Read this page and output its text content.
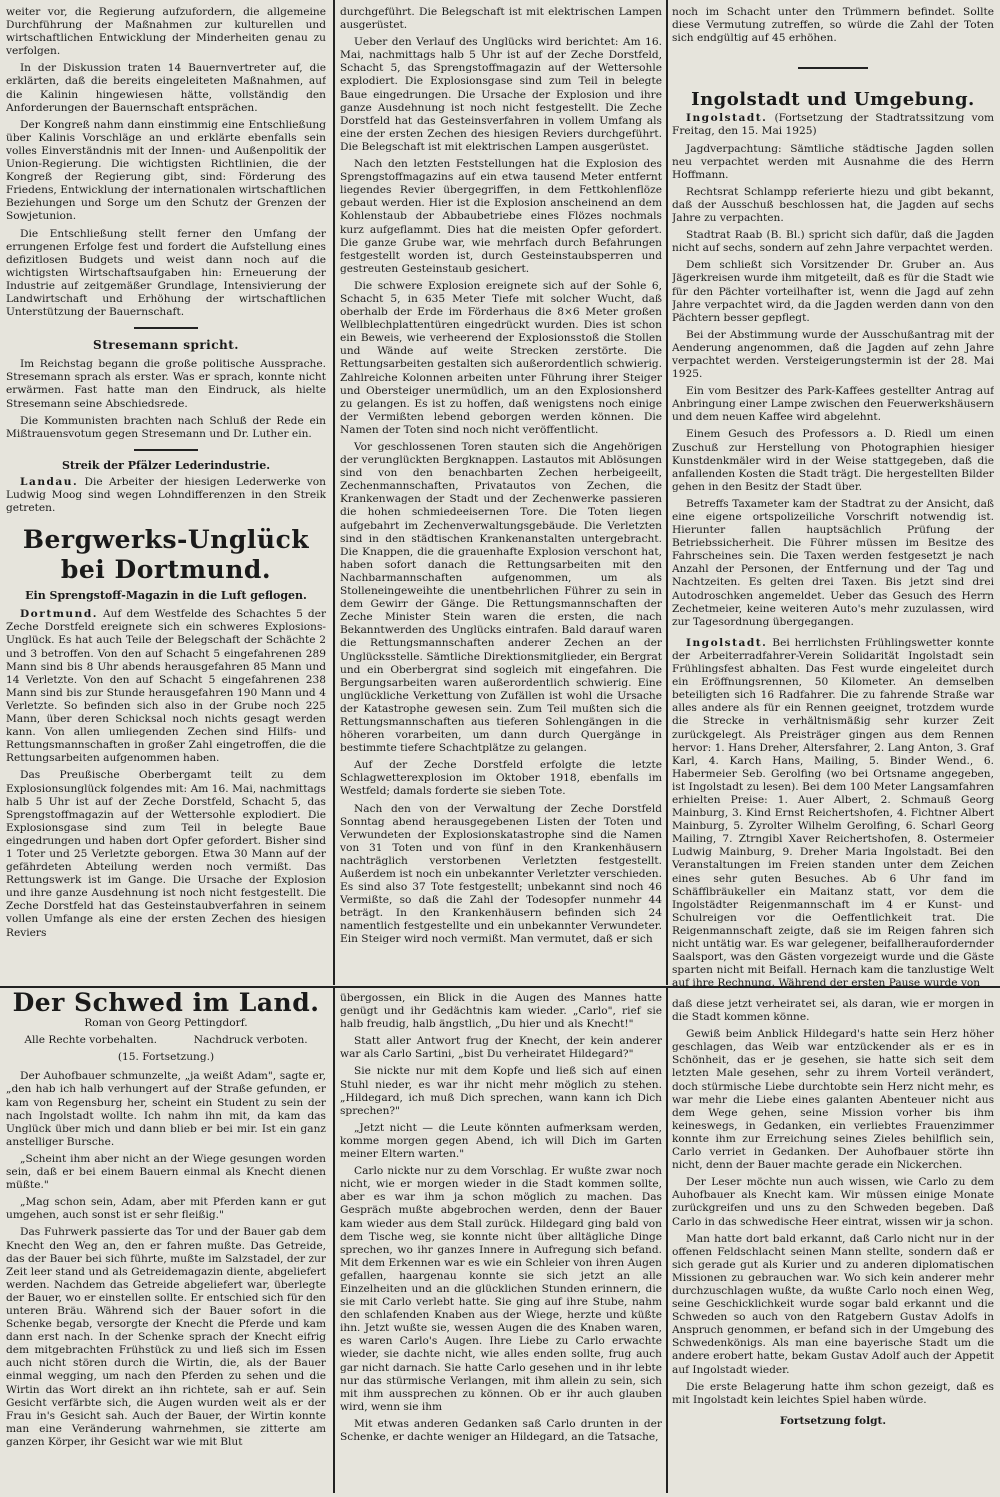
weiter vor, die Regierung aufzufordern, die allgemeine Durchführung der Maßnahmen zur kulturellen und wirtschaftlichen Entwicklung der Minderheiten genau zu verfolgen.

In der Diskussion traten 14 Bauernvertreter auf, die erklärten, daß die bereits eingeleiteten Maßnahmen, auf die Kalinin hingewiesen hätte, vollständig den Anforderungen der Bauernschaft entsprächen.

Der Kongreß nahm dann einstimmig eine Entschließung über Kalinis Vorschläge an und erklärte ebenfalls sein volles Einverständnis mit der Innen- und Außenpolitik der Union-Regierung. Die wichtigsten Richtlinien, die der Kongreß der Regierung gibt, sind: Förderung des Friedens, Entwicklung der internationalen wirtschaftlichen Beziehungen und Sorge um den Schutz der Grenzen der Sowjetunion.

Die Entschließung stellt ferner den Umfang der errungenen Erfolge fest und fordert die Aufstellung eines defizitlosen Budgets und weist dann noch auf die wichtigsten Wirtschaftsaufgaben hin: Erneuerung der Industrie auf zeitgemäßer Grundlage, Intensivierung der Landwirtschaft und Erhöhung der wirtschaftlichen Unterstützung der Bauernschaft.

Stresemann spricht.

Im Reichstag begann die große politische Aussprache. Stresemann sprach als erster. Was er sprach, konnte nicht erwärmen. Fast hatte man den Eindruck, als hielte Stresemann seine Abschiedsrede.

Die Kommunisten brachten nach Schluß der Rede ein Mißtrauensvotum gegen Stresemann und Dr. Luther ein.

Streik der Pfälzer Lederindustrie.

Landau. Die Arbeiter der hiesigen Lederwerke von Ludwig Moog sind wegen Lohndifferenzen in den Streik getreten.

Bergwerks-Unglück bei Dortmund.
Ein Sprengstoff-Magazin in die Luft geflogen.

Dortmund. Auf dem Westfelde des Schachtes 5 der Zeche Dorstfeld ereignete sich ein schweres Explosions-Unglück. Es hat auch Teile der Belegschaft der Schächte 2 und 3 betroffen. Von den auf Schacht 5 eingefahrenen 289 Mann sind bis 8 Uhr abends herausgefahren 85 Mann und 14 Verletzte. Von den auf Schacht 5 eingefahrenen 238 Mann sind bis zur Stunde herausgefahren 190 Mann und 4 Verletzte. So befinden sich also in der Grube noch 225 Mann, über deren Schicksal noch nichts gesagt werden kann. Von allen umliegenden Zechen sind Hilfs- und Rettungsmannschaften in großer Zahl eingetroffen, die die Rettungsarbeiten aufgenommen haben.

Das Preußische Oberbergamt teilt zu dem Explosionsunglück folgendes mit: Am 16. Mai, nachmittags halb 5 Uhr ist auf der Zeche Dorstfeld, Schacht 5, das Sprengstoffmagazin auf der Wettersohle explodiert. Die Explosionsgase sind zum Teil in belegte Baue eingedrungen und haben dort Opfer gefordert. Bisher sind 1 Toter und 25 Verletzte geborgen. Etwa 30 Mann auf der gefährdeten Abteilung werden noch vermißt. Das Rettungswerk ist im Gange. Die Ursache der Explosion und ihre ganze Ausdehnung ist noch nicht festgestellt. Die Zeche Dorstfeld hat das Gesteinstaubverfahren in seinem vollen Umfange als eine der ersten Zechen des hiesigen Reviers

durchgeführt. Die Belegschaft ist mit elektrischen Lampen ausgerüstet.

Ueber den Verlauf des Unglücks wird berichtet: Am 16. Mai, nachmittags halb 5 Uhr ist auf der Zeche Dorstfeld, Schacht 5, das Sprengstoffmagazin auf der Wettersohle explodiert. Die Explosionsgase sind zum Teil in belegte Baue eingedrungen. Die Ursache der Explosion und ihre ganze Ausdehnung ist noch nicht festgestellt. Die Zeche Dorstfeld hat das Gesteinsverfahren in vollem Umfang als eine der ersten Zechen des hiesigen Reviers durchgeführt. Die Belegschaft ist mit elektrischen Lampen ausgerüstet.

Nach den letzten Feststellungen hat die Explosion des Sprengstoffmagazins auf ein etwa tausend Meter entfernt liegendes Revier übergegriffen, in dem Fettkohlenflöze gebaut werden. Hier ist die Explosion anscheinend an dem Kohlenstaub der Abbaubetriebe eines Flözes nochmals kurz aufgeflammt. Dies hat die meisten Opfer gefordert. Die ganze Grube war, wie mehrfach durch Befahrungen festgestellt worden ist, durch Gesteinstaubsperren und gestreuten Gesteinstaub gesichert.

Die schwere Explosion ereignete sich auf der Sohle 6, Schacht 5, in 635 Meter Tiefe mit solcher Wucht, daß oberhalb der Erde im Förderhaus die 8×6 Meter großen Wellblechplattentüren eingedrückt wurden. Dies ist schon ein Beweis, wie verheerend der Explosionsstoß die Stollen und Wände auf weite Strecken zerstörte. Die Rettungsarbeiten gestalten sich außerordentlich schwierig. Zahlreiche Kolonnen arbeiten unter Führung ihrer Steiger und Obersteiger unermüdlich, um an den Explosionsherd zu gelangen. Es ist zu hoffen, daß wenigstens noch einige der Vermißten lebend geborgen werden können. Die Namen der Toten sind noch nicht veröffentlicht.

Vor geschlossenen Toren stauten sich die Angehörigen der verunglückten Bergknappen. Lastautos mit Ablösungen sind von den benachbarten Zechen herbeigeeilt, Zechenmannschaften, Privatautos von Zechen, die Krankenwagen der Stadt und der Zechenwerke passieren die hohen schmiedeeisernen Tore. Die Toten liegen aufgebahrt im Zechenverwaltungsgebäude. Die Verletzten sind in den städtischen Krankenanstalten untergebracht. Die Knappen, die die grauenhafte Explosion verschont hat, haben sofort danach die Rettungsarbeiten mit den Nachbarmannschaften aufgenommen, um als Stolleneingeweihte die unentbehrlichen Führer zu sein in dem Gewirr der Gänge. Die Rettungsmannschaften der Zeche Minister Stein waren die ersten, die nach Bekanntwerden des Unglücks eintrafen. Bald darauf waren die Rettungsmannschaften anderer Zechen an der Unglücksstelle. Sämtliche Direktionsmitglieder, ein Bergrat und ein Oberbergrat sind sogleich mit eingefahren. Die Bergungsarbeiten waren außerordentlich schwierig. Eine unglückliche Verkettung von Zufällen ist wohl die Ursache der Katastrophe gewesen sein. Zum Teil mußten sich die Rettungsmannschaften aus tieferen Sohlengängen in die höheren vorarbeiten, um dann durch Quergänge in bestimmte tiefere Schachtplätze zu gelangen.

Auf der Zeche Dorstfeld erfolgte die letzte Schlagwetterexplosion im Oktober 1918, ebenfalls im Westfeld; damals forderte sie sieben Tote.

Nach den von der Verwaltung der Zeche Dorstfeld Sonntag abend herausgegebenen Listen der Toten und Verwundeten der Explosionskatastrophe sind die Namen von 31 Toten und von fünf in den Krankenhäusern nachträglich verstorbenen Verletzten festgestellt. Außerdem ist noch ein unbekannter Verletzter verschieden. Es sind also 37 Tote festgestellt; unbekannt sind noch 46 Vermißte, so daß die Zahl der Todesopfer nunmehr 44 beträgt. In den Krankenhäusern befinden sich 24 namentlich festgestellte und ein unbekannter Verwundeter. Ein Steiger wird noch vermißt. Man vermutet, daß er sich

noch im Schacht unter den Trümmern befindet. Sollte diese Vermutung zutreffen, so würde die Zahl der Toten sich endgültig auf 45 erhöhen.

Ingolstadt und Umgebung.

Ingolstadt. (Fortsetzung der Stadtratssitzung vom Freitag, den 15. Mai 1925)

Jagdverpachtung: Sämtliche städtische Jagden sollen neu verpachtet werden mit Ausnahme die des Herrn Hoffmann.

Rechtsrat Schlampp referierte hiezu und gibt bekannt, daß der Ausschuß beschlossen hat, die Jagden auf sechs Jahre zu verpachten.

Stadtrat Raab (B. Bl.) spricht sich dafür, daß die Jagden nicht auf sechs, sondern auf zehn Jahre verpachtet werden.

Dem schließt sich Vorsitzender Dr. Gruber an. Aus Jägerkreisen wurde ihm mitgeteilt, daß es für die Stadt wie für den Pächter vorteilhafter ist, wenn die Jagd auf zehn Jahre verpachtet wird, da die Jagden werden dann von den Pächtern besser gepflegt.

Bei der Abstimmung wurde der Ausschußantrag mit der Aenderung angenommen, daß die Jagden auf zehn Jahre verpachtet werden. Versteigerungstermin ist der 28. Mai 1925.

Ein vom Besitzer des Park-Kaffees gestellter Antrag auf Anbringung einer Lampe zwischen den Feuerwerkshäusern und dem neuen Kaffee wird abgelehnt.

Einem Gesuch des Professors a. D. Riedl um einen Zuschuß zur Herstellung von Photographien hiesiger Kunstdenkmäler wird in der Weise stattgegeben, daß die anfallenden Kosten die Stadt trägt. Die hergestellten Bilder gehen in den Besitz der Stadt über.

Betreffs Taxameter kam der Stadtrat zu der Ansicht, daß eine eigene ortspolizeiliche Vorschrift notwendig ist. Hierunter fallen hauptsächlich Prüfung der Betriebssicherheit. Die Führer müssen im Besitze des Fahrscheines sein. Die Taxen werden festgesetzt je nach Anzahl der Personen, der Entfernung und der Tag und Nachtzeiten. Es gelten drei Taxen. Bis jetzt sind drei Autodroschken angemeldet. Ueber das Gesuch des Herrn Zechetmeier, keine weiteren Auto's mehr zuzulassen, wird zur Tagesordnung übergegangen.

Ingolstadt. Bei herrlichsten Frühlingswetter konnte der Arbeiterradfahrer-Verein Solidarität Ingolstadt sein Frühlingsfest abhalten. Das Fest wurde eingeleitet durch ein Eröffnungsrennen, 50 Kilometer. An demselben beteiligten sich 16 Radfahrer. Die zu fahrende Straße war alles andere als für ein Rennen geeignet, trotzdem wurde die Strecke in verhältnismäßig sehr kurzer Zeit zurückgelegt. Als Preisträger gingen aus dem Rennen hervor: 1. Hans Dreher, Altersfahrer, 2. Lang Anton, 3. Graf Karl, 4. Karch Hans, Mailing, 5. Binder Wend., 6. Habermeier Seb. Gerolfing (wo bei Ortsname angegeben, ist Ingolstadt zu lesen). Bei dem 100 Meter Langsamfahren erhielten Preise: 1. Auer Albert, 2. Schmauß Georg Mainburg, 3. Kind Ernst Reichertshofen, 4. Fichtner Albert Mainburg, 5. Zyrolter Wilhelm Gerolfing, 6. Scharl Georg Mailing, 7. Ztrngibl Xaver Reichertshofen, 8. Ostermeier Ludwig Mainburg, 9. Dreher Maria Ingolstadt. Bei den Veranstaltungen im Freien standen unter dem Zeichen eines sehr guten Besuches. Ab 6 Uhr fand im Schäfflbräukeller ein Maitanz statt, vor dem die Ingolstädter Reigenmannschaft im 4 er Kunst- und Schulreigen vor die Oeffentlichkeit trat. Die Reigenmannschaft zeigte, daß sie im Reigen fahren sich nicht untätig war. Es war gelegener, beifallheraufordernder Saalsport, was den Gästen vorgezeigt wurde und die Gäste sparten nicht mit Beifall. Hernach kam die tanzlustige Welt auf ihre Rechnung. Während der ersten Pause wurde von

Der Schwed im Land.
Roman von Georg Pettingdorf.
Alle Rechte vorbehalten.	Nachdruck verboten.
(15. Fortsetzung.)

Der Auhofbauer schmunzelte, „ja weißt Adam", sagte er, „den hab ich halb verhungert auf der Straße gefunden, er kam von Regensburg her, scheint ein Student zu sein der nach Ingolstadt wollte. Ich nahm ihn mit, da kam das Unglück über mich und dann blieb er bei mir. Ist ein ganz anstelliger Bursche.

„Scheint ihm aber nicht an der Wiege gesungen worden sein, daß er bei einem Bauern einmal als Knecht dienen müßte."

„Mag schon sein, Adam, aber mit Pferden kann er gut umgehen, auch sonst ist er sehr fleißig."

Das Fuhrwerk passierte das Tor und der Bauer gab dem Knecht den Weg an, den er fahren mußte. Das Getreide, das der Bauer bei sich führte, mußte im Salzstadel, der zur Zeit leer stand und als Getreidemagazin diente, abgeliefert werden. Nachdem das Getreide abgeliefert war, überlegte der Bauer, wo er einstellen sollte. Er entschied sich für den unteren Bräu. Während sich der Bauer sofort in die Schenke begab, versorgte der Knecht die Pferde und kam dann erst nach. In der Schenke sprach der Knecht eifrig dem mitgebrachten Frühstück zu und ließ sich im Essen auch nicht stören durch die Wirtin, die, als der Bauer einmal wegging, um nach den Pferden zu sehen und die Wirtin das Wort direkt an ihn richtete, sah er auf. Sein Gesicht verfärbte sich, die Augen wurden weit als er der Frau in's Gesicht sah. Auch der Bauer, der Wirtin konnte man eine Veränderung wahrnehmen, sie zitterte am ganzen Körper, ihr Gesicht war wie mit Blut

übergossen, ein Blick in die Augen des Mannes hatte genügt und ihr Gedächtnis kam wieder. „Carlo", rief sie halb freudig, halb ängstlich, „Du hier und als Knecht!"

Statt aller Antwort frug der Knecht, der kein anderer war als Carlo Sartini, „bist Du verheiratet Hildegard?"

Sie nickte nur mit dem Kopfe und ließ sich auf einen Stuhl nieder, es war ihr nicht mehr möglich zu stehen. „Hildegard, ich muß Dich sprechen, wann kann ich Dich sprechen?"

„Jetzt nicht — die Leute könnten aufmerksam werden, komme morgen gegen Abend, ich will Dich im Garten meiner Eltern warten."

Carlo nickte nur zu dem Vorschlag. Er wußte zwar noch nicht, wie er morgen wieder in die Stadt kommen sollte, aber es war ihm ja schon möglich zu machen. Das Gespräch mußte abgebrochen werden, denn der Bauer kam wieder aus dem Stall zurück. Hildegard ging bald von dem Tische weg, sie konnte nicht über alltägliche Dinge sprechen, wo ihr ganzes Innere in Aufregung sich befand. Mit dem Erkennen war es wie ein Schleier von ihren Augen gefallen, haargenau konnte sie sich jetzt an alle Einzelheiten und an die glücklichen Stunden erinnern, die sie mit Carlo verlebt hatte. Sie ging auf ihre Stube, nahm den schlafenden Knaben aus der Wiege, herzte und küßte ihn. Jetzt wußte sie, wessen Augen die des Knaben waren, es waren Carlo's Augen. Ihre Liebe zu Carlo erwachte wieder, sie dachte nicht, wie alles enden sollte, frug auch gar nicht darnach. Sie hatte Carlo gesehen und in ihr lebte nur das stürmische Verlangen, mit ihm allein zu sein, sich mit ihm aussprechen zu können. Ob er ihr auch glauben wird, wenn sie ihm

Mit etwas anderen Gedanken saß Carlo drunten in der Schenke, er dachte weniger an Hildegard, an die Tatsache,

daß diese jetzt verheiratet sei, als daran, wie er morgen in die Stadt kommen könne.

Gewiß beim Anblick Hildegard's hatte sein Herz höher geschlagen, das Weib war entzückender als er es in Schönheit, das er je gesehen, sie hatte sich seit dem letzten Male gesehen, sehr zu ihrem Vorteil verändert, doch stürmische Liebe durchtobte sein Herz nicht mehr, es war mehr die Liebe eines galanten Abenteuer nicht aus dem Wege gehen, seine Mission vorher bis ihm keineswegs, in Gedanken, ein verliebtes Frauenzimmer konnte ihm zur Erreichung seines Zieles behilflich sein, Carlo verriet in Gedanken. Der Auhofbauer störte ihn nicht, denn der Bauer machte gerade ein Nickerchen.

Der Leser möchte nun auch wissen, wie Carlo zu dem Auhofbauer als Knecht kam. Wir müssen einige Monate zurückgreifen und uns zu den Schweden begeben. Daß Carlo in das schwedische Heer eintrat, wissen wir ja schon.

Man hatte dort bald erkannt, daß Carlo nicht nur in der offenen Feldschlacht seinen Mann stellte, sondern daß er sich gerade gut als Kurier und zu anderen diplomatischen Missionen zu gebrauchen war. Wo sich kein anderer mehr durchzuschlagen wußte, da wußte Carlo noch einen Weg, seine Geschicklichkeit wurde sogar bald erkannt und die Schweden so auch von den Ratgebern Gustav Adolfs in Anspruch genommen, er befand sich in der Umgebung des Schwedenkönigs. Als man eine bayerische Stadt um die andere erobert hatte, bekam Gustav Adolf auch der Appetit auf Ingolstadt wieder.

Die erste Belagerung hatte ihm schon gezeigt, daß es mit Ingolstadt kein leichtes Spiel haben würde.

Fortsetzung folgt.
